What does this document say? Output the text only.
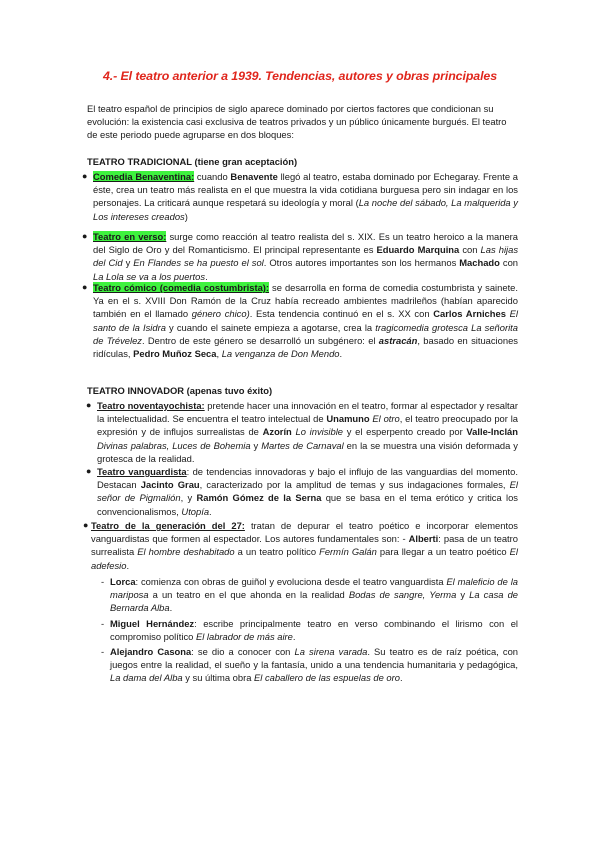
4.- El teatro anterior a 1939. Tendencias, autores y obras principales

El teatro español de principios de siglo aparece dominado por ciertos factores que condicionan su evolución: la existencia casi exclusiva de teatros privados y un público únicamente burgués. El teatro de este periodo puede agruparse en dos bloques:

TEATRO TRADICIONAL (tiene gran aceptación)

● Comedia Benaventina: cuando Benavente llegó al teatro, estaba dominado por Echegaray. Frente a éste, crea un teatro más realista en el que muestra la vida cotidiana burguesa pero sin indagar en los personajes. La criticará aunque respetará su ideología y moral (La noche del sábado, La malquerida y Los intereses creados)

● Teatro en verso: surge como reacción al teatro realista del s. XIX. Es un teatro heroico a la manera del Siglo de Oro y del Romanticismo. El principal representante es Eduardo Marquina con Las hijas del Cid y En Flandes se ha puesto el sol. Otros autores importantes son los hermanos Machado con La Lola se va a los puertos.

● Teatro cómico (comedia costumbrista): se desarrolla en forma de comedia costumbrista y sainete. Ya en el s. XVIII Don Ramón de la Cruz había recreado ambientes madrileños (habían aparecido también en el llamado género chico). Esta tendencia continuó en el s. XX con Carlos Arniches El santo de la Isidra y cuando el sainete empieza a agotarse, crea la tragicomedia grotesca La señorita de Trévelez. Dentro de este género se desarrolló un subgénero: el astracán, basado en situaciones ridículas, Pedro Muñoz Seca, La venganza de Don Mendo.

TEATRO INNOVADOR (apenas tuvo éxito)

● Teatro noventayochista: pretende hacer una innovación en el teatro, formar al espectador y resaltar la intelectualidad. Se encuentra el teatro intelectual de Unamuno El otro, el teatro preocupado por la expresión y de influjos surrealistas de Azorín Lo invisible y el esperpento creado por Valle-Inclán Divinas palabras, Luces de Bohemia y Martes de Carnaval en la se muestra una visión deformada y grotesca de la realidad.

● Teatro vanguardista: de tendencias innovadoras y bajo el influjo de las vanguardias del momento. Destacan Jacinto Grau, caracterizado por la amplitud de temas y sus indagaciones formales, El señor de Pigmalión, y Ramón Gómez de la Serna que se basa en el tema erótico y critica los convencionalismos, Utopía.

● Teatro de la generación del 27: tratan de depurar el teatro poético e incorporar elementos vanguardistas que formen al espectador. Los autores fundamentales son: - Alberti: pasa de un teatro surrealista El hombre deshabitado a un teatro político Fermín Galán para llegar a un teatro poético El adefesio.

- Lorca: comienza con obras de guiñol y evoluciona desde el teatro vanguardista El maleficio de la mariposa a un teatro en el que ahonda en la realidad Bodas de sangre, Yerma y La casa de Bernarda Alba.

- Miguel Hernández: escribe principalmente teatro en verso combinando el lirismo con el compromiso político El labrador de más aire.

- Alejandro Casona: se dio a conocer con La sirena varada. Su teatro es de raíz poética, con juegos entre la realidad, el sueño y la fantasía, unido a una tendencia humanitaria y pedagógica, La dama del Alba y su última obra El caballero de las espuelas de oro.
